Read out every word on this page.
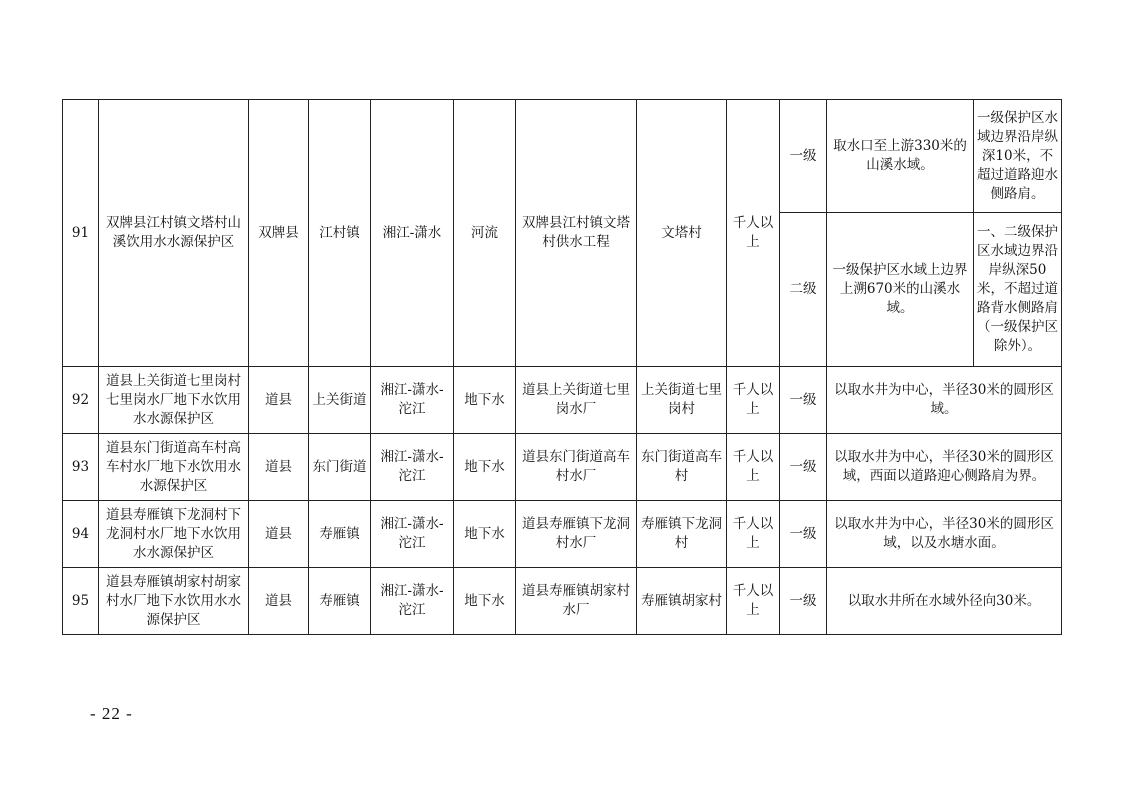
91	双牌县江村镇文塔村山溪饮用水水源保护区	双牌县	江村镇	湘江-潇水	河流	双牌县江村镇文塔村供水工程	文塔村	千人以上	一级	取水口至上游330米的山溪水域。	一级保护区水域边界沿岸纵深10米，不超过道路迎水侧路肩。
									二级	一级保护区水域上边界上溯670米的山溪水域。	一、二级保护区水域边界沿岸纵深50米，不超过道路背水侧路肩（一级保护区除外）。
92	道县上关街道七里岗村七里岗水厂地下水饮用水水源保护区	道县	上关街道	湘江-潇水-沱江	地下水	道县上关街道七里岗水厂	上关街道七里岗村	千人以上	一级	以取水井为中心，半径30米的圆形区域。	
93	道县东门街道高车村高车村水厂地下水饮用水水源保护区	道县	东门街道	湘江-潇水-沱江	地下水	道县东门街道高车村水厂	东门街道高车村	千人以上	一级	以取水井为中心，半径30米的圆形区域，西面以道路迎心侧路肩为界。	
94	道县寿雁镇下龙洞村下龙洞村水厂地下水饮用水水源保护区	道县	寿雁镇	湘江-潇水-沱江	地下水	道县寿雁镇下龙洞村水厂	寿雁镇下龙洞村	千人以上	一级	以取水井为中心，半径30米的圆形区域，以及水塘水面。	
95	道县寿雁镇胡家村胡家村水厂地下水饮用水水源保护区	道县	寿雁镇	湘江-潇水-沱江	地下水	道县寿雁镇胡家村水厂	寿雁镇胡家村	千人以上	一级	以取水井所在水域外径向30米。	
- 22 -
